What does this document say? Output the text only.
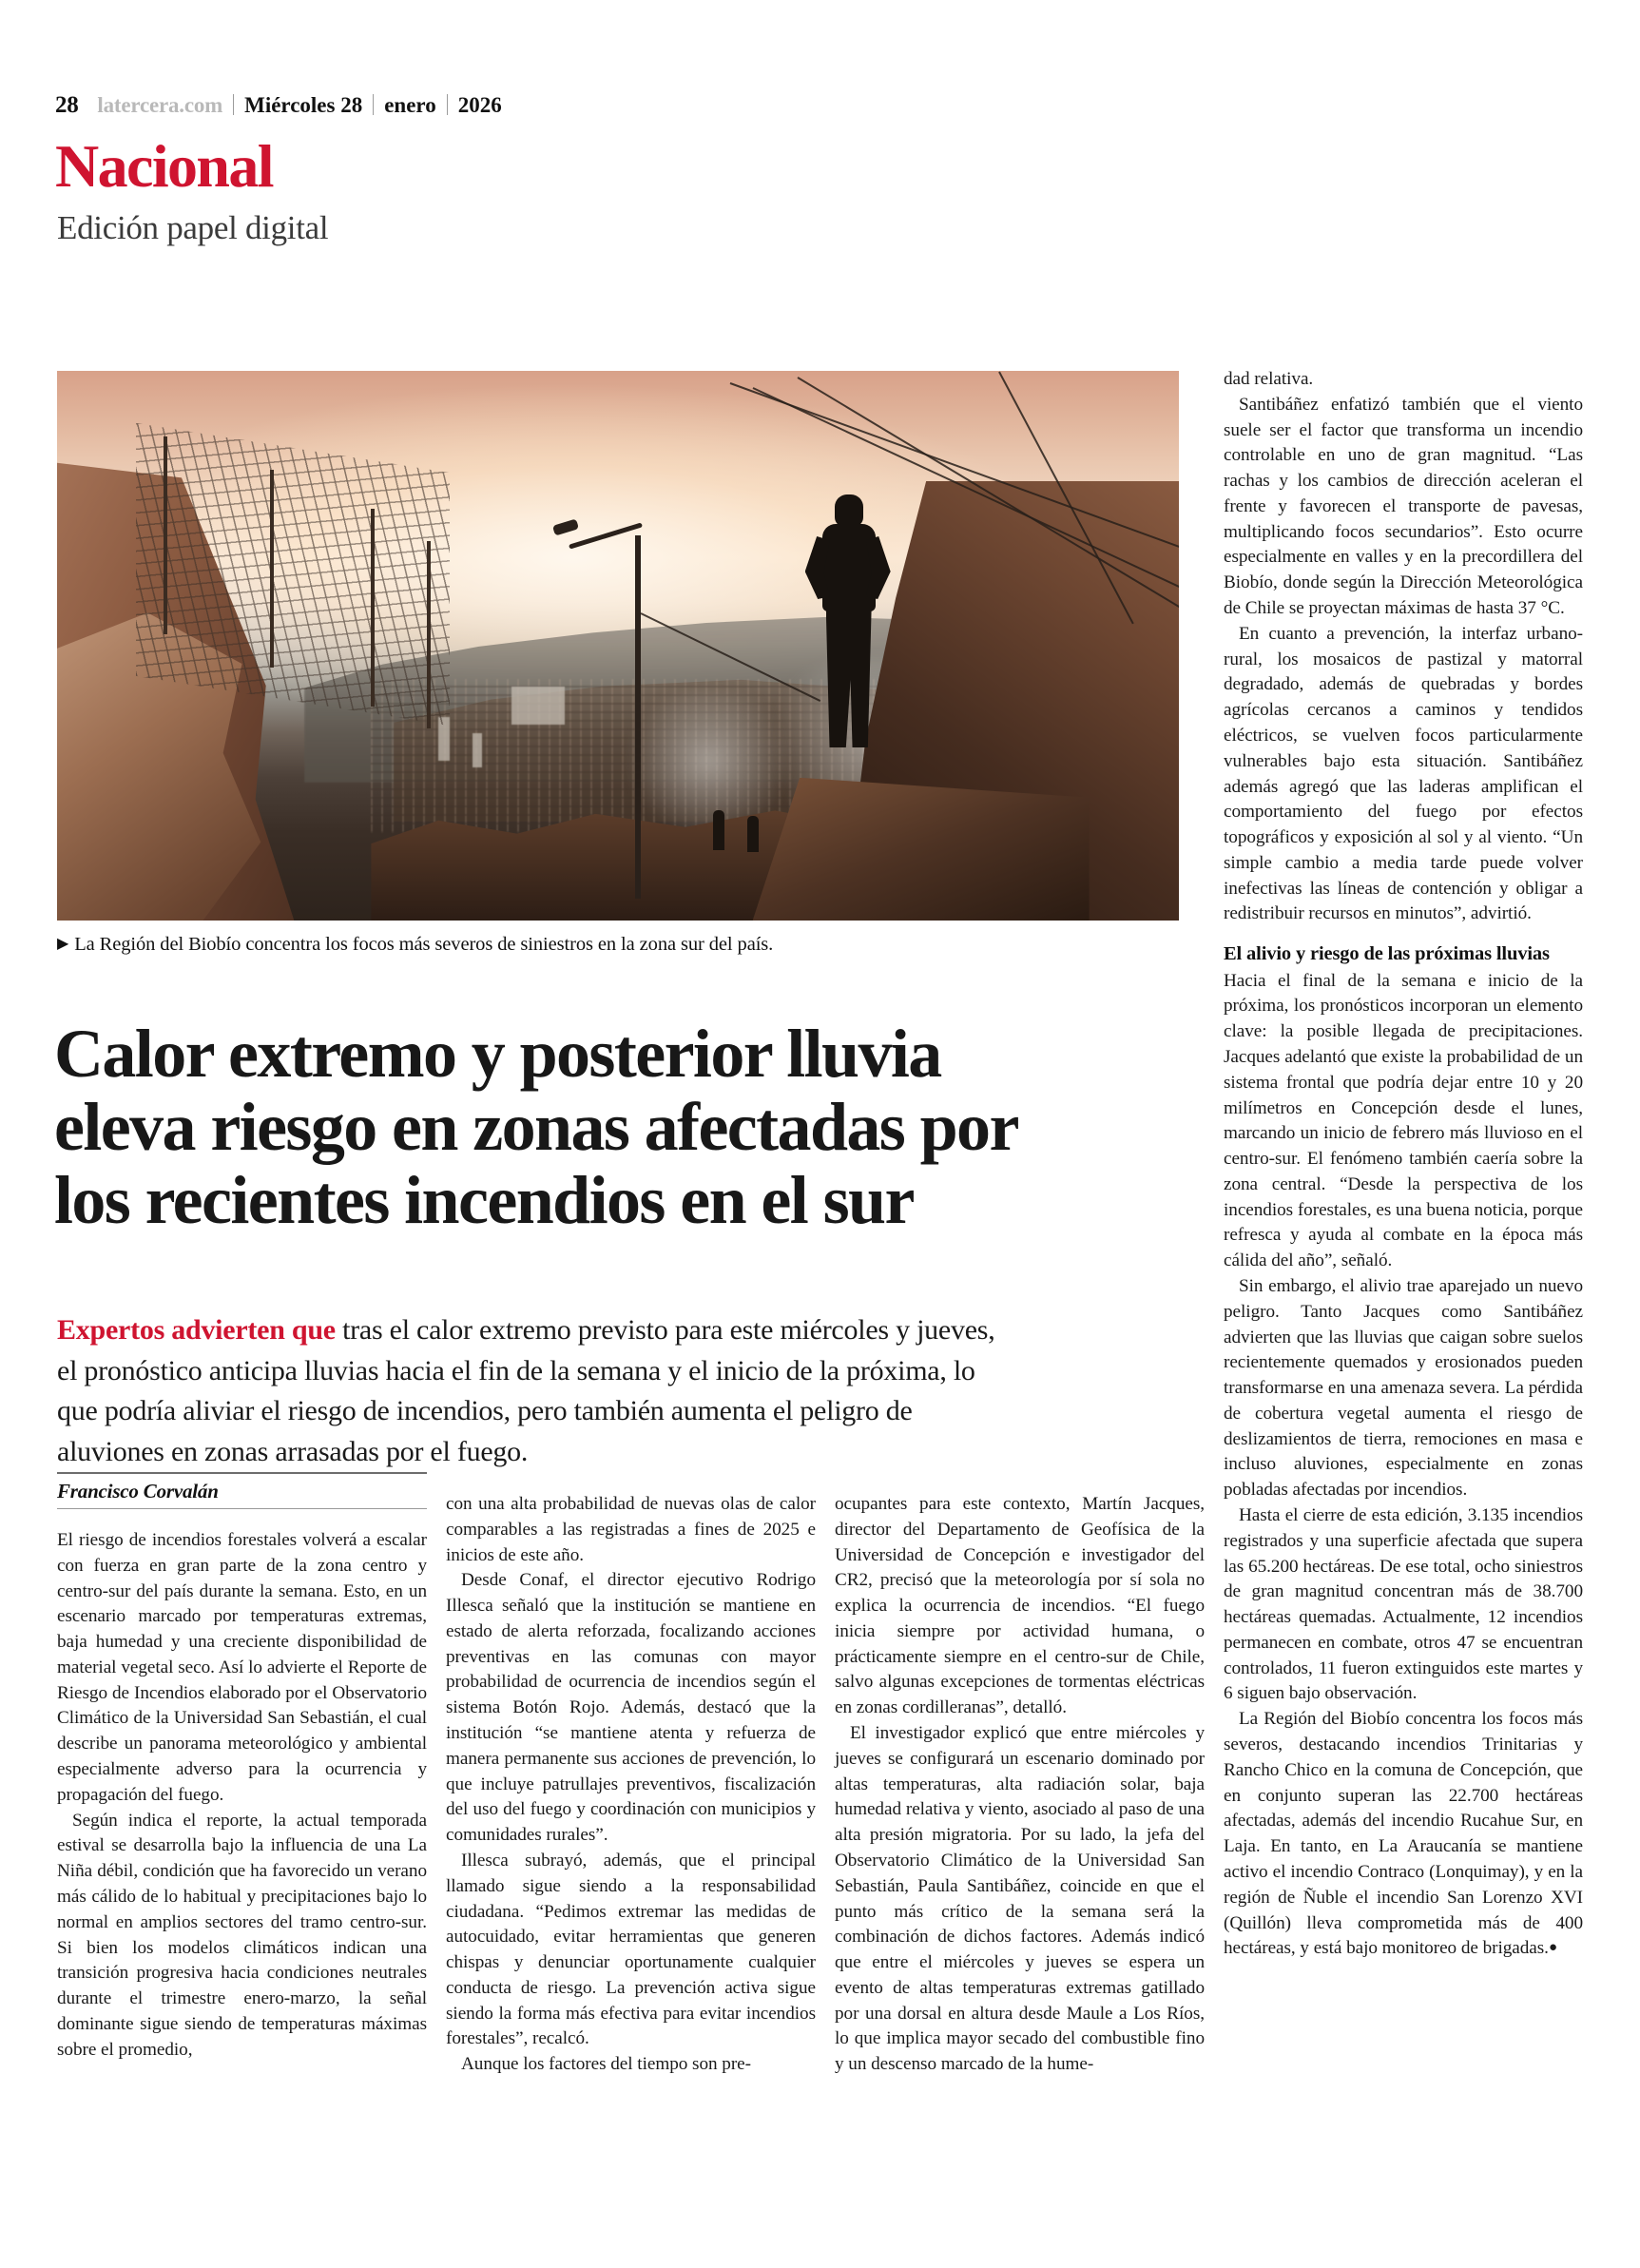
28 latercera.com Miércoles 28 enero 2026
Nacional
Edición papel digital
▶ La Región del Biobío concentra los focos más severos de siniestros en la zona sur del país.
Calor extremo y posterior lluvia eleva riesgo en zonas afectadas por los recientes incendios en el sur
Expertos advierten que tras el calor extremo previsto para este miércoles y jueves, el pronóstico anticipa lluvias hacia el fin de la semana y el inicio de la próxima, lo que podría aliviar el riesgo de incendios, pero también aumenta el peligro de aluviones en zonas arrasadas por el fuego.
Francisco Corvalán

El riesgo de incendios forestales volverá a escalar con fuerza en gran parte de la zona centro y centro-sur del país durante la semana. Esto, en un escenario marcado por temperaturas extremas, baja humedad y una creciente disponibilidad de material vegetal seco. Así lo advierte el Reporte de Riesgo de Incendios elaborado por el Observatorio Climático de la Universidad San Sebastián, el cual describe un panorama meteorológico y ambiental especialmente adverso para la ocurrencia y propagación del fuego.

Según indica el reporte, la actual temporada estival se desarrolla bajo la influencia de una La Niña débil, condición que ha favorecido un verano más cálido de lo habitual y precipitaciones bajo lo normal en amplios sectores del tramo centro-sur. Si bien los modelos climáticos indican una transición progresiva hacia condiciones neutrales durante el trimestre enero-marzo, la señal dominante sigue siendo de temperaturas máximas sobre el promedio,

con una alta probabilidad de nuevas olas de calor comparables a las registradas a fines de 2025 e inicios de este año.

Desde Conaf, el director ejecutivo Rodrigo Illesca señaló que la institución se mantiene en estado de alerta reforzada, focalizando acciones preventivas en las comunas con mayor probabilidad de ocurrencia de incendios según el sistema Botón Rojo. Además, destacó que la institución “se mantiene atenta y refuerza de manera permanente sus acciones de prevención, lo que incluye patrullajes preventivos, fiscalización del uso del fuego y coordinación con municipios y comunidades rurales”.

Illesca subrayó, además, que el principal llamado sigue siendo a la responsabilidad ciudadana. “Pedimos extremar las medidas de autocuidado, evitar herramientas que generen chispas y denunciar oportunamente cualquier conducta de riesgo. La prevención activa sigue siendo la forma más efectiva para evitar incendios forestales”, recalcó.

Aunque los factores del tiempo son pre-

ocupantes para este contexto, Martín Jacques, director del Departamento de Geofísica de la Universidad de Concepción e investigador del CR2, precisó que la meteorología por sí sola no explica la ocurrencia de incendios. “El fuego inicia siempre por actividad humana, o prácticamente siempre en el centro-sur de Chile, salvo algunas excepciones de tormentas eléctricas en zonas cordilleranas”, detalló.

El investigador explicó que entre miércoles y jueves se configurará un escenario dominado por altas temperaturas, alta radiación solar, baja humedad relativa y viento, asociado al paso de una alta presión migratoria. Por su lado, la jefa del Observatorio Climático de la Universidad San Sebastián, Paula Santibáñez, coincide en que el punto más crítico de la semana será la combinación de dichos factores. Además indicó que entre el miércoles y jueves se espera un evento de altas temperaturas extremas gatillado por una dorsal en altura desde Maule a Los Ríos, lo que implica mayor secado del combustible fino y un descenso marcado de la hume-

dad relativa.

Santibáñez enfatizó también que el viento suele ser el factor que transforma un incendio controlable en uno de gran magnitud. “Las rachas y los cambios de dirección aceleran el frente y favorecen el transporte de pavesas, multiplicando focos secundarios”. Esto ocurre especialmente en valles y en la precordillera del Biobío, donde según la Dirección Meteorológica de Chile se proyectan máximas de hasta 37 °C.

En cuanto a prevención, la interfaz urbano-rural, los mosaicos de pastizal y matorral degradado, además de quebradas y bordes agrícolas cercanos a caminos y tendidos eléctricos, se vuelven focos particularmente vulnerables bajo esta situación. Santibáñez además agregó que las laderas amplifican el comportamiento del fuego por efectos topográficos y exposición al sol y al viento. “Un simple cambio a media tarde puede volver inefectivas las líneas de contención y obligar a redistribuir recursos en minutos”, advirtió.

El alivio y riesgo de las próximas lluvias

Hacia el final de la semana e inicio de la próxima, los pronósticos incorporan un elemento clave: la posible llegada de precipitaciones. Jacques adelantó que existe la probabilidad de un sistema frontal que podría dejar entre 10 y 20 milímetros en Concepción desde el lunes, marcando un inicio de febrero más lluvioso en el centro-sur. El fenómeno también caería sobre la zona central. “Desde la perspectiva de los incendios forestales, es una buena noticia, porque refresca y ayuda al combate en la época más cálida del año”, señaló.

Sin embargo, el alivio trae aparejado un nuevo peligro. Tanto Jacques como Santibáñez advierten que las lluvias que caigan sobre suelos recientemente quemados y erosionados pueden transformarse en una amenaza severa. La pérdida de cobertura vegetal aumenta el riesgo de deslizamientos de tierra, remociones en masa e incluso aluviones, especialmente en zonas pobladas afectadas por incendios.

Hasta el cierre de esta edición, 3.135 incendios registrados y una superficie afectada que supera las 65.200 hectáreas. De ese total, ocho siniestros de gran magnitud concentran más de 38.700 hectáreas quemadas. Actualmente, 12 incendios permanecen en combate, otros 47 se encuentran controlados, 11 fueron extinguidos este martes y 6 siguen bajo observación.

La Región del Biobío concentra los focos más severos, destacando incendios Trinitarias y Rancho Chico en la comuna de Concepción, que en conjunto superan las 22.700 hectáreas afectadas, además del incendio Rucahue Sur, en Laja. En tanto, en La Araucanía se mantiene activo el incendio Contraco (Lonquimay), y en la región de Ñuble el incendio San Lorenzo XVI (Quillón) lleva comprometida más de 400 hectáreas, y está bajo monitoreo de brigadas.●
